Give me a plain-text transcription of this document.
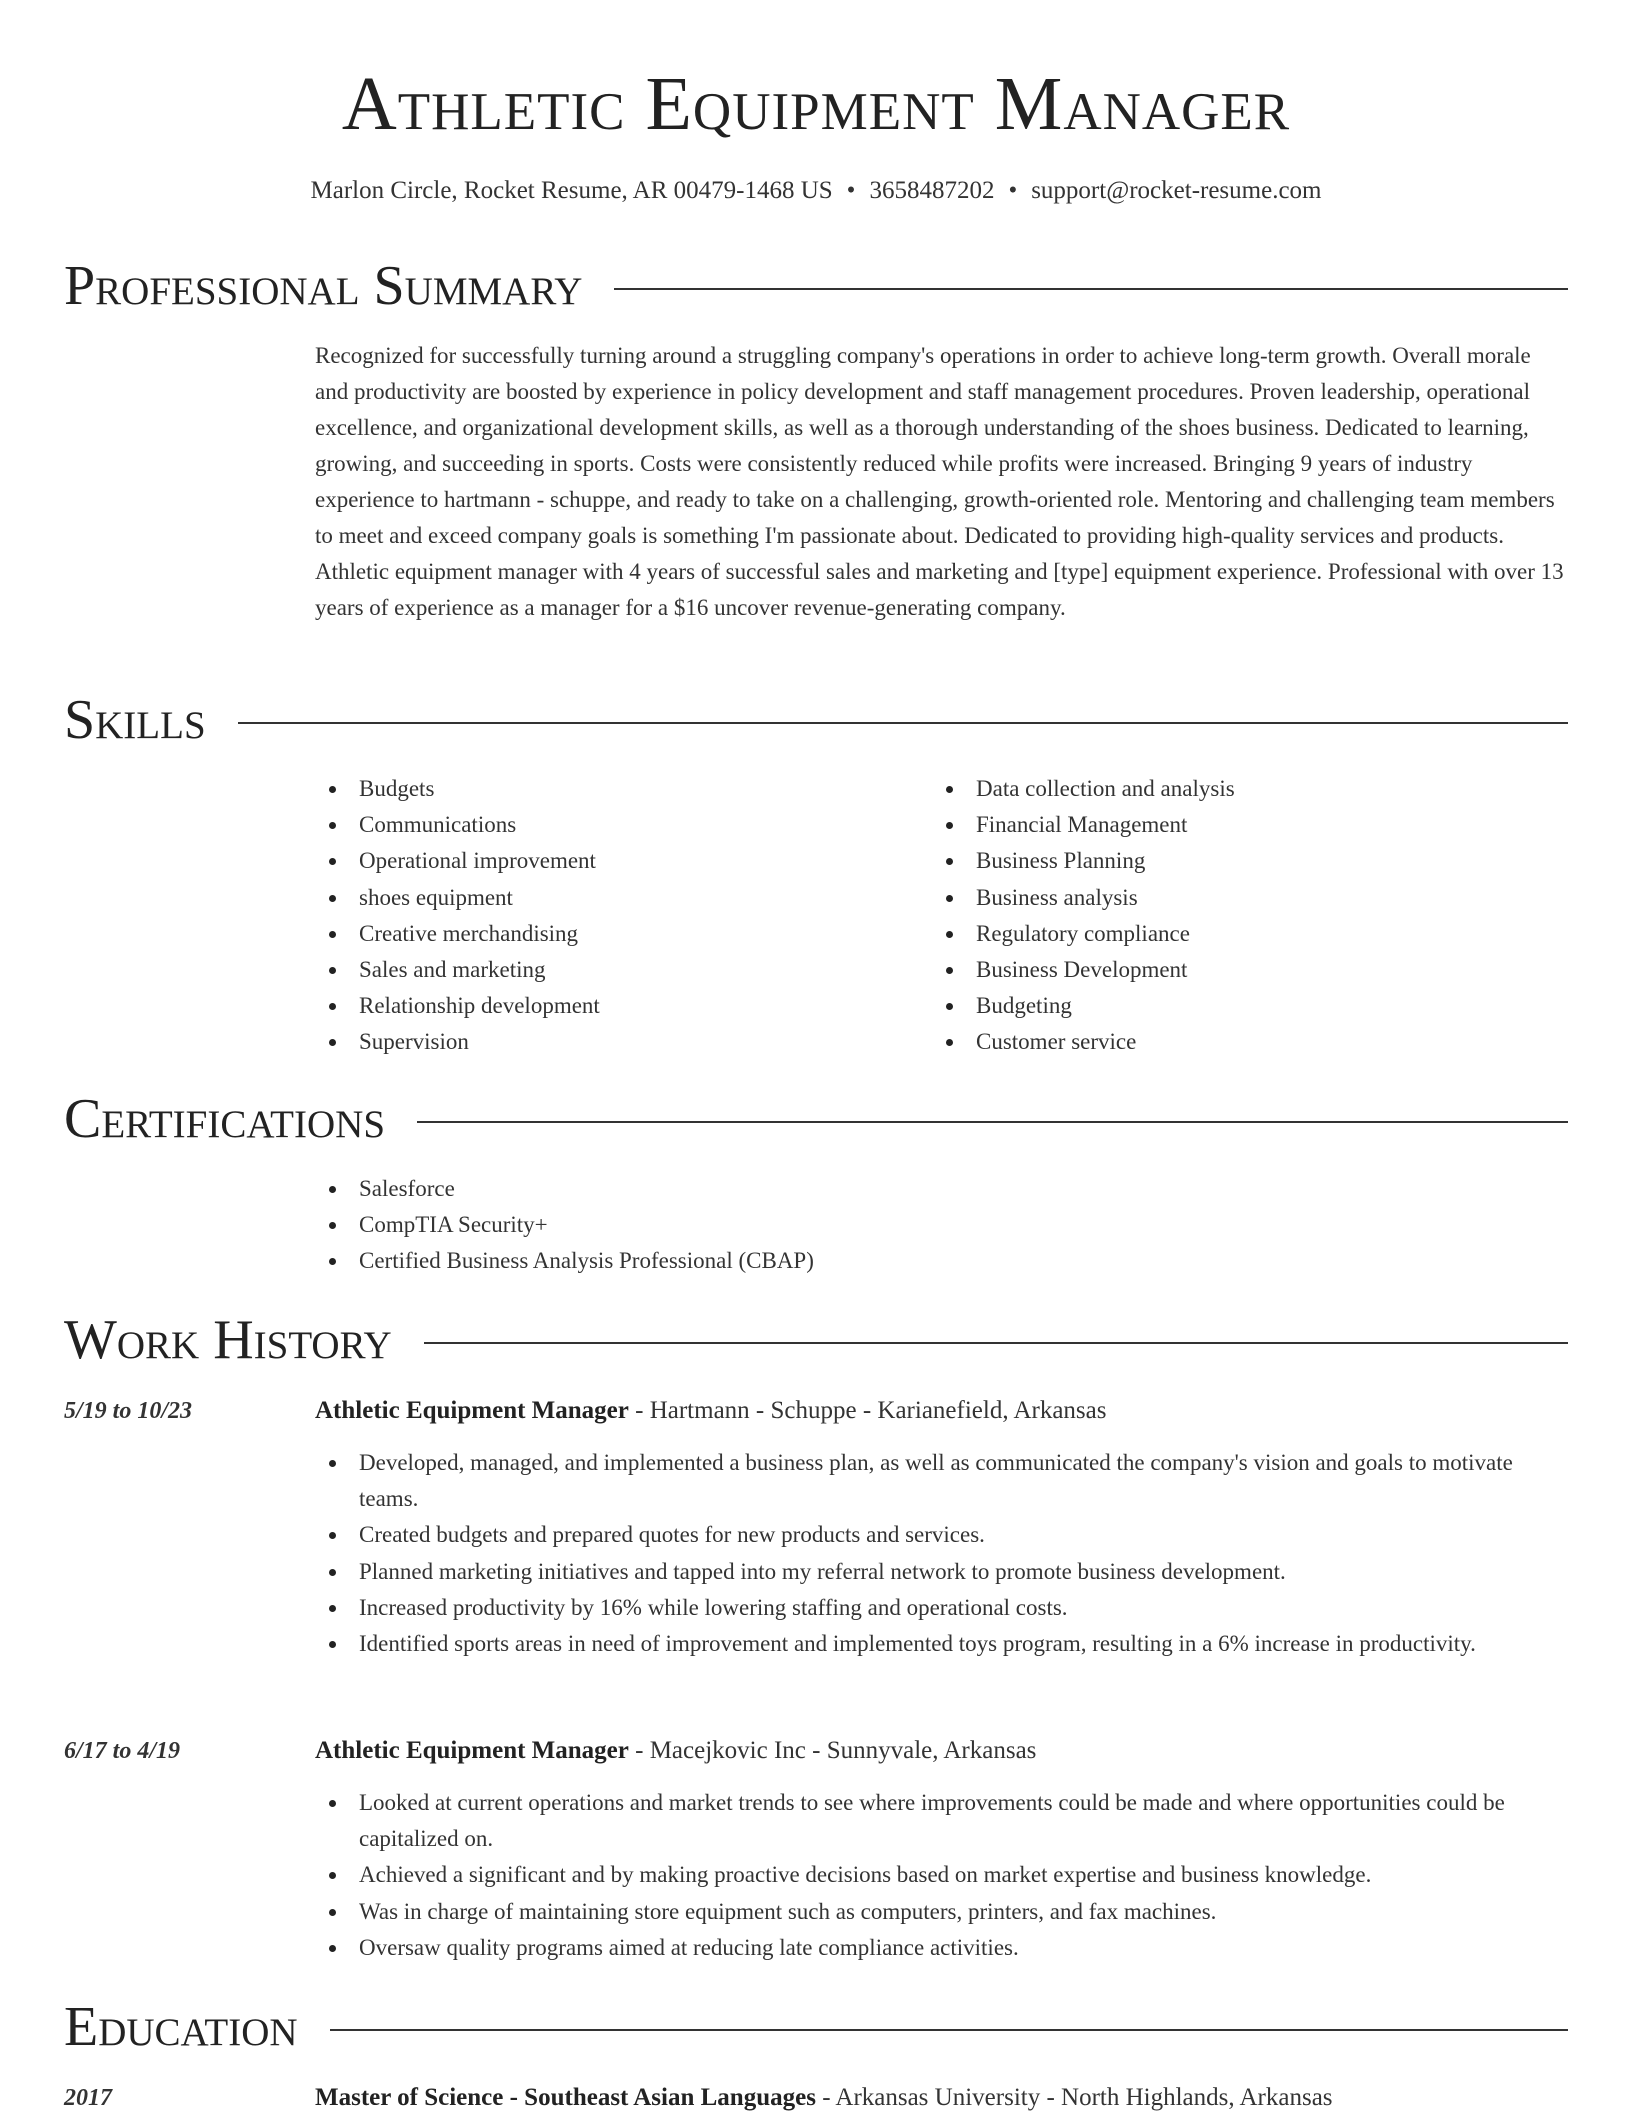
Athletic Equipment Manager
Marlon Circle, Rocket Resume, AR 00479-1468 US • 3658487202 • support@rocket-resume.com
Professional Summary

Recognized for successfully turning around a struggling company's operations in order to achieve long-term growth. Overall morale and productivity are boosted by experience in policy development and staff management procedures. Proven leadership, operational excellence, and organizational development skills, as well as a thorough understanding of the shoes business. Dedicated to learning, growing, and succeeding in sports. Costs were consistently reduced while profits were increased. Bringing 9 years of industry experience to hartmann - schuppe, and ready to take on a challenging, growth-oriented role. Mentoring and challenging team members to meet and exceed company goals is something I'm passionate about. Dedicated to providing high-quality services and products. Athletic equipment manager with 4 years of successful sales and marketing and [type] equipment experience. Professional with over 13 years of experience as a manager for a $16 uncover revenue-generating company.

Skills
Budgets
Communications
Operational improvement
shoes equipment
Creative merchandising
Sales and marketing
Relationship development
Supervision
Data collection and analysis
Financial Management
Business Planning
Business analysis
Regulatory compliance
Business Development
Budgeting
Customer service
Certifications
Salesforce
CompTIA Security+
Certified Business Analysis Professional (CBAP)
Work History
5/19 to 10/23	Athletic Equipment Manager - Hartmann - Schuppe - Karianefield, Arkansas
Developed, managed, and implemented a business plan, as well as communicated the company's vision and goals to motivate teams.
Created budgets and prepared quotes for new products and services.
Planned marketing initiatives and tapped into my referral network to promote business development.
Increased productivity by 16% while lowering staffing and operational costs.
Identified sports areas in need of improvement and implemented toys program, resulting in a 6% increase in productivity.
6/17 to 4/19	Athletic Equipment Manager - Macejkovic Inc - Sunnyvale, Arkansas
Looked at current operations and market trends to see where improvements could be made and where opportunities could be capitalized on.
Achieved a significant and by making proactive decisions based on market expertise and business knowledge.
Was in charge of maintaining store equipment such as computers, printers, and fax machines.
Oversaw quality programs aimed at reducing late compliance activities.
Education
2017	Master of Science - Southeast Asian Languages - Arkansas University - North Highlands, Arkansas
